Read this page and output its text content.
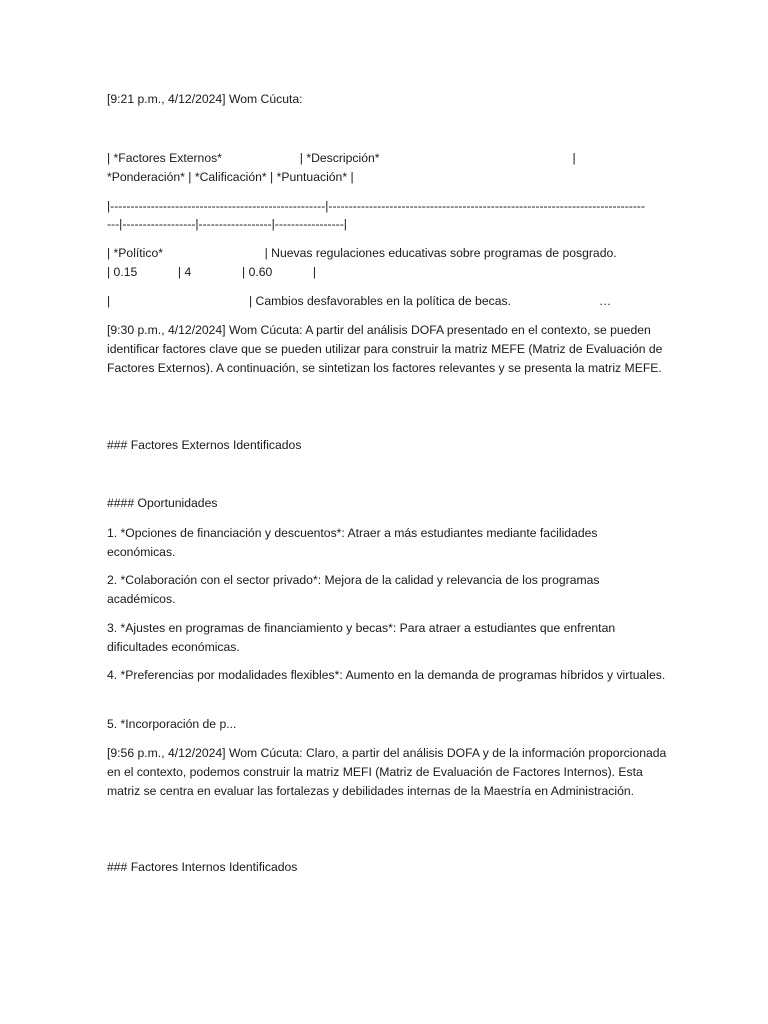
[9:21 p.m., 4/12/2024] Wom Cúcuta:
| *Factores Externos*                       | *Descripción*                                                         |
*Ponderación* | *Calificación* | *Puntuación* |
|-----------------------------------------------------|------------------------------------------------------------------------------
---|------------------|------------------|-----------------|
| *Político*                              | Nuevas regulaciones educativas sobre programas de posgrado.
| 0.15            | 4               | 0.60            |
|                                         | Cambios desfavorables en la política de becas.                          …
[9:30 p.m., 4/12/2024] Wom Cúcuta: A partir del análisis DOFA presentado en el contexto, se pueden identificar factores clave que se pueden utilizar para construir la matriz MEFE (Matriz de Evaluación de Factores Externos). A continuación, se sintetizan los factores relevantes y se presenta la matriz MEFE.
### Factores Externos Identificados
#### Oportunidades
1. *Opciones de financiación y descuentos*: Atraer a más estudiantes mediante facilidades económicas.
2. *Colaboración con el sector privado*: Mejora de la calidad y relevancia de los programas académicos.
3. *Ajustes en programas de financiamiento y becas*: Para atraer a estudiantes que enfrentan dificultades económicas.
4. *Preferencias por modalidades flexibles*: Aumento en la demanda de programas híbridos y virtuales.
5. *Incorporación de p...
[9:56 p.m., 4/12/2024] Wom Cúcuta: Claro, a partir del análisis DOFA y de la información proporcionada en el contexto, podemos construir la matriz MEFI (Matriz de Evaluación de Factores Internos). Esta matriz se centra en evaluar las fortalezas y debilidades internas de la Maestría en Administración.
### Factores Internos Identificados
